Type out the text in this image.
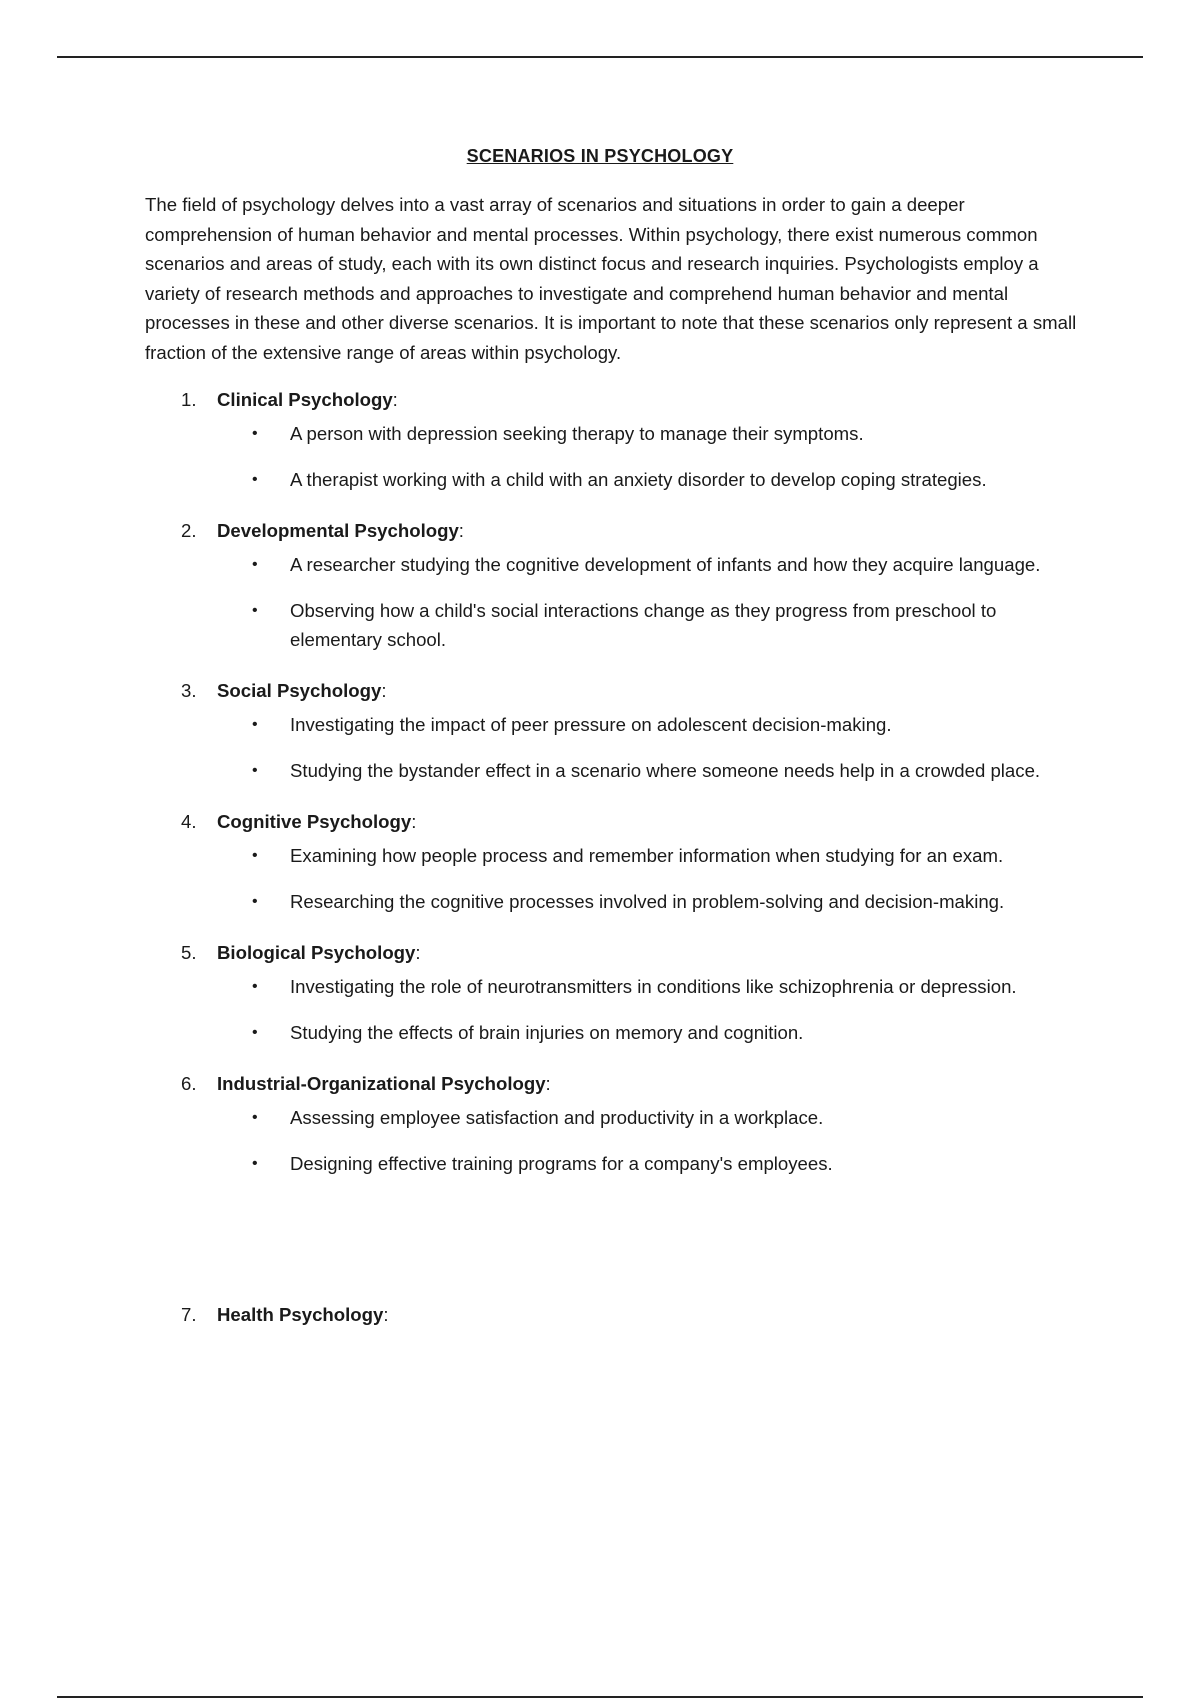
SCENARIOS IN PSYCHOLOGY

The field of psychology delves into a vast array of scenarios and situations in order to gain a deeper comprehension of human behavior and mental processes. Within psychology, there exist numerous common scenarios and areas of study, each with its own distinct focus and research inquiries. Psychologists employ a variety of research methods and approaches to investigate and comprehend human behavior and mental processes in these and other diverse scenarios. It is important to note that these scenarios only represent a small fraction of the extensive range of areas within psychology.

1. Clinical Psychology:
• A person with depression seeking therapy to manage their symptoms.
• A therapist working with a child with an anxiety disorder to develop coping strategies.
2. Developmental Psychology:
• A researcher studying the cognitive development of infants and how they acquire language.
• Observing how a child's social interactions change as they progress from preschool to elementary school.
3. Social Psychology:
• Investigating the impact of peer pressure on adolescent decision-making.
• Studying the bystander effect in a scenario where someone needs help in a crowded place.
4. Cognitive Psychology:
• Examining how people process and remember information when studying for an exam.
• Researching the cognitive processes involved in problem-solving and decision-making.
5. Biological Psychology:
• Investigating the role of neurotransmitters in conditions like schizophrenia or depression.
• Studying the effects of brain injuries on memory and cognition.
6. Industrial-Organizational Psychology:
• Assessing employee satisfaction and productivity in a workplace.
• Designing effective training programs for a company's employees.
7. Health Psychology:
